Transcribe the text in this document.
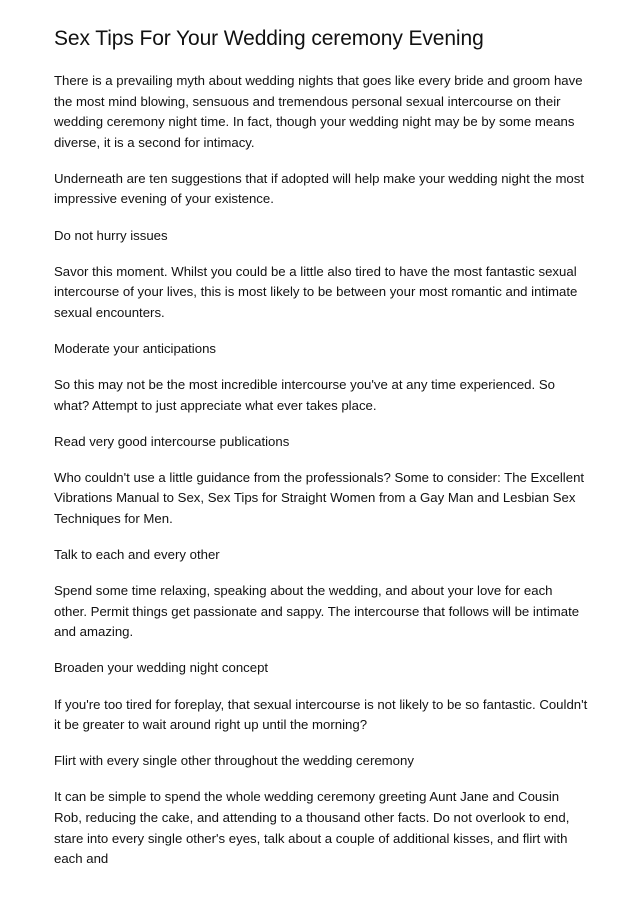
Sex Tips For Your Wedding ceremony Evening

There is a prevailing myth about wedding nights that goes like every bride and groom have the most mind blowing, sensuous and tremendous personal sexual intercourse on their wedding ceremony night time. In fact, though your wedding night may be by some means diverse, it is a second for intimacy.

Underneath are ten suggestions that if adopted will help make your wedding night the most impressive evening of your existence.

Do not hurry issues

Savor this moment. Whilst you could be a little also tired to have the most fantastic sexual intercourse of your lives, this is most likely to be between your most romantic and intimate sexual encounters.

Moderate your anticipations

So this may not be the most incredible intercourse you've at any time experienced. So what? Attempt to just appreciate what ever takes place.

Read very good intercourse publications

Who couldn't use a little guidance from the professionals? Some to consider: The Excellent Vibrations Manual to Sex, Sex Tips for Straight Women from a Gay Man and Lesbian Sex Techniques for Men.

Talk to each and every other

Spend some time relaxing, speaking about the wedding, and about your love for each other. Permit things get passionate and sappy. The intercourse that follows will be intimate and amazing.

Broaden your wedding night concept

If you're too tired for foreplay, that sexual intercourse is not likely to be so fantastic. Couldn't it be greater to wait around right up until the morning?

Flirt with every single other throughout the wedding ceremony

It can be simple to spend the whole wedding ceremony greeting Aunt Jane and Cousin Rob, reducing the cake, and attending to a thousand other facts. Do not overlook to end, stare into every single other's eyes, talk about a couple of additional kisses, and flirt with each and
